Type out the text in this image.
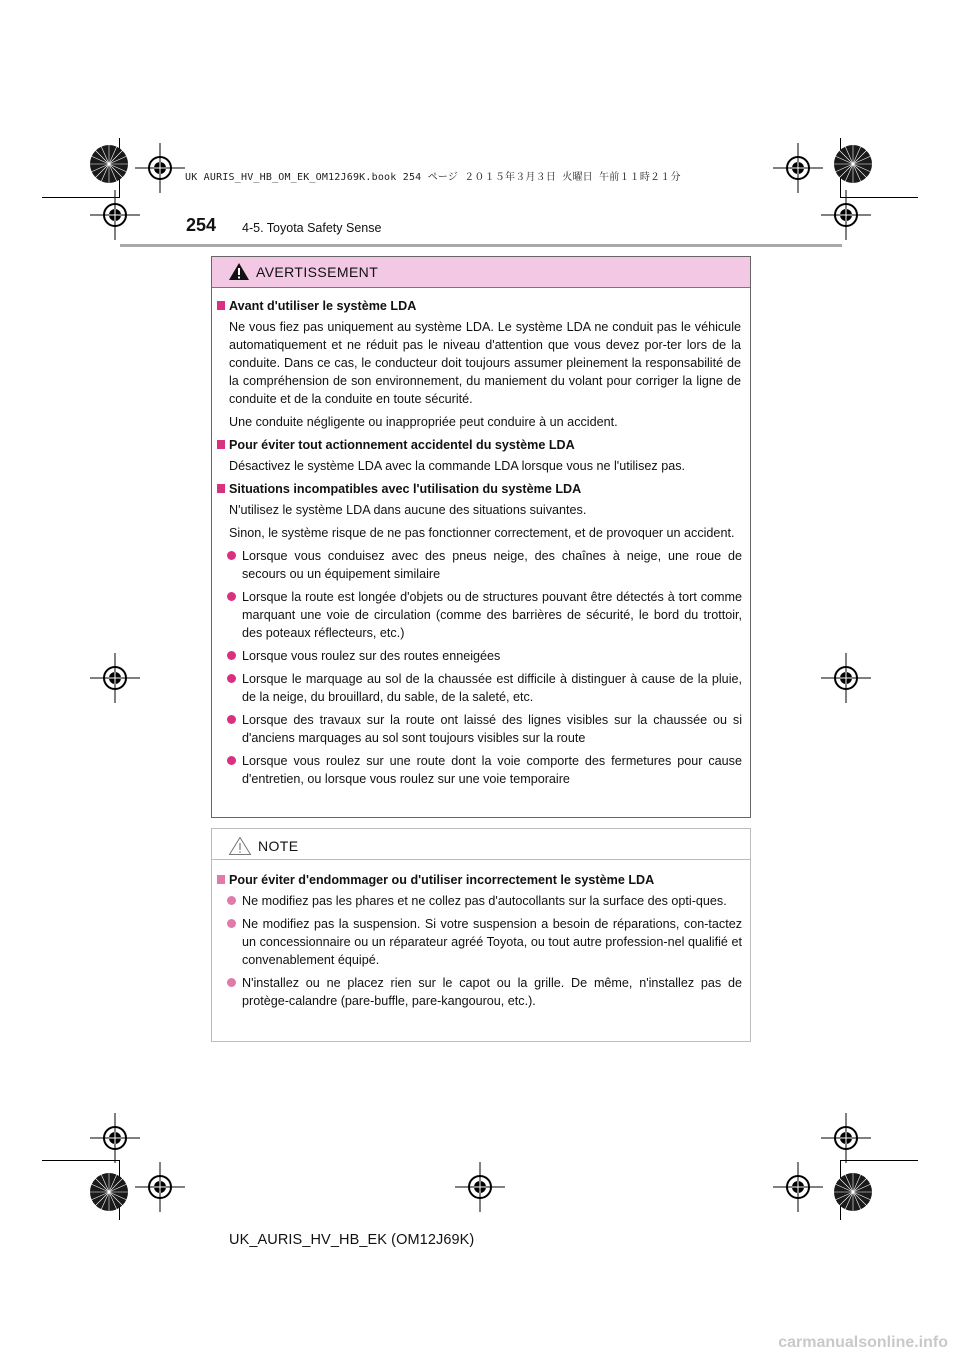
UK AURIS_HV_HB_OM_EK_OM12J69K.book 254 ページ ２０１５年３月３日 火曜日 午前１１時２１分
254 4-5. Toyota Safety Sense
AVERTISSEMENT
Avant d'utiliser le système LDA
Ne vous fiez pas uniquement au système LDA. Le système LDA ne conduit pas le véhicule automatiquement et ne réduit pas le niveau d'attention que vous devez por-ter lors de la conduite. Dans ce cas, le conducteur doit toujours assumer pleinement la responsabilité de la compréhension de son environnement, du maniement du volant pour corriger la ligne de conduite et de la conduite en toute sécurité.
Une conduite négligente ou inappropriée peut conduire à un accident.
Pour éviter tout actionnement accidentel du système LDA
Désactivez le système LDA avec la commande LDA lorsque vous ne l'utilisez pas.
Situations incompatibles avec l'utilisation du système LDA
N'utilisez le système LDA dans aucune des situations suivantes.
Sinon, le système risque de ne pas fonctionner correctement, et de provoquer un accident.
Lorsque vous conduisez avec des pneus neige, des chaînes à neige, une roue de secours ou un équipement similaire
Lorsque la route est longée d'objets ou de structures pouvant être détectés à tort comme marquant une voie de circulation (comme des barrières de sécurité, le bord du trottoir, des poteaux réflecteurs, etc.)
Lorsque vous roulez sur des routes enneigées
Lorsque le marquage au sol de la chaussée est difficile à distinguer à cause de la pluie, de la neige, du brouillard, du sable, de la saleté, etc.
Lorsque des travaux sur la route ont laissé des lignes visibles sur la chaussée ou si d'anciens marquages au sol sont toujours visibles sur la route
Lorsque vous roulez sur une route dont la voie comporte des fermetures pour cause d'entretien, ou lorsque vous roulez sur une voie temporaire
NOTE
Pour éviter d'endommager ou d'utiliser incorrectement le système LDA
Ne modifiez pas les phares et ne collez pas d'autocollants sur la surface des opti-ques.
Ne modifiez pas la suspension. Si votre suspension a besoin de réparations, con-tactez un concessionnaire ou un réparateur agréé Toyota, ou tout autre profession-nel qualifié et convenablement équipé.
N'installez ou ne placez rien sur le capot ou la grille. De même, n'installez pas de protège-calandre (pare-buffle, pare-kangourou, etc.).
UK_AURIS_HV_HB_EK (OM12J69K)
carmanualsonline.info
